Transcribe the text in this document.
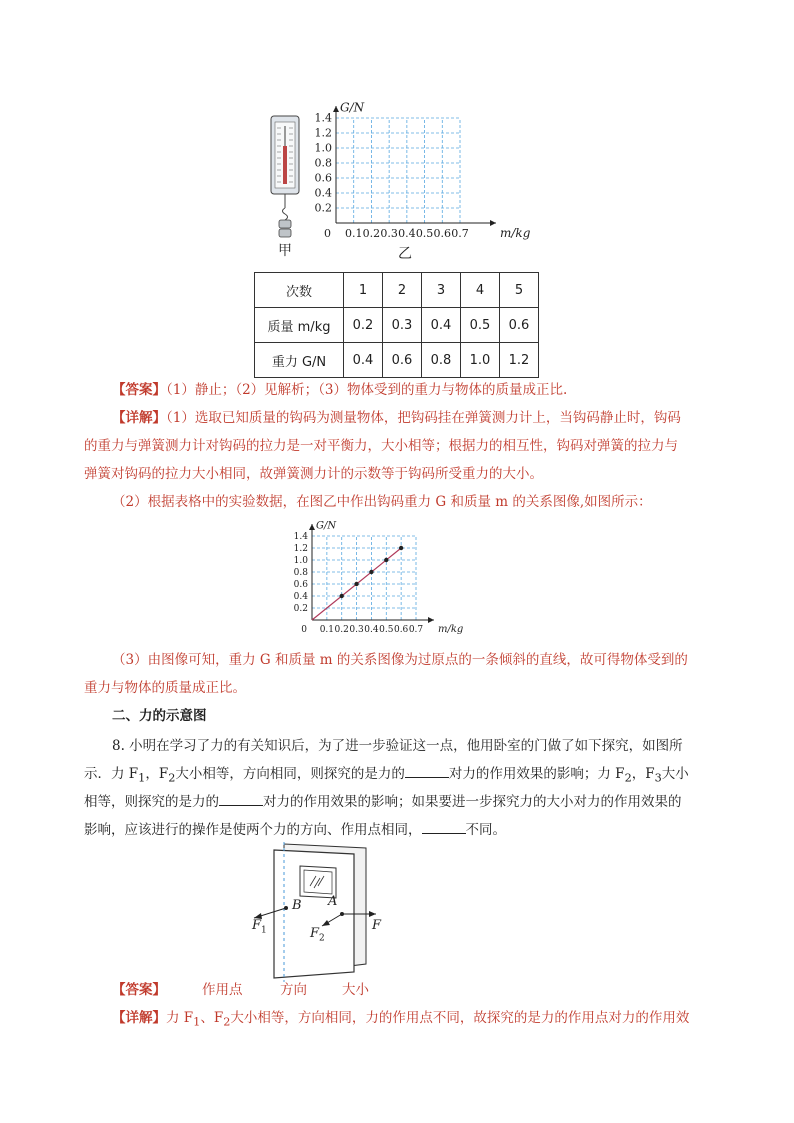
甲
0.1 0.2 0.3 0.4 0.5 0.6 0.7
0.2
0.4
0.6
0.8
1.0
1.2
1.4
0	m/kg
G/N
乙
次数	1	2	3	4	5
质量 m/kg	0.2	0.3	0.4	0.5	0.6
重力 G/N	0.4	0.6	0.8	1.0	1.2
【答案】（1）静止；（2）见解析；（3）物体受到的重力与物体的质量成正比.
【详解】（1）选取已知质量的钩码为测量物体，把钩码挂在弹簧测力计上，当钩码静止时，钩码
的重力与弹簧测力计对钩码的拉力是一对平衡力，大小相等；根据力的相互性，钩码对弹簧的拉力与
弹簧对钩码的拉力大小相同，故弹簧测力计的示数等于钩码所受重力的大小。
（2）根据表格中的实验数据，在图乙中作出钩码重力 G 和质量 m 的关系图像,如图所示：
0.1 0.2 0.3 0.4 0.5 0.6 0.7
0.2
0.4
0.6
0.8
1.0
1.2
1.4
0	m/kg
G/N
（3）由图像可知，重力 G 和质量 m 的关系图像为过原点的一条倾斜的直线，故可得物体受到的
重力与物体的质量成正比。
二、力的示意图
8. 小明在学习了力的有关知识后，为了进一步验证这一点，他用卧室的门做了如下探究，如图所
示．力 $F_1$，$F_2$大小相等，方向相同，则探究的是力的	对力的作用效果的影响；力 $F_2$，$F_3$大小
相等，则探究的是力的	对力的作用效果的影响；如果要进一步探究力的大小对力的作用效果的
影响，应该进行的操作是使两个力的方向、作用点相同，	不同。
B A
$F_1$	$F_2$
F
【答案】	作用点	方向	大小
【详解】力 $F_1$、$F_2$大小相等，方向相同，力的作用点不同，故探究的是力的作用点对力的作用效
